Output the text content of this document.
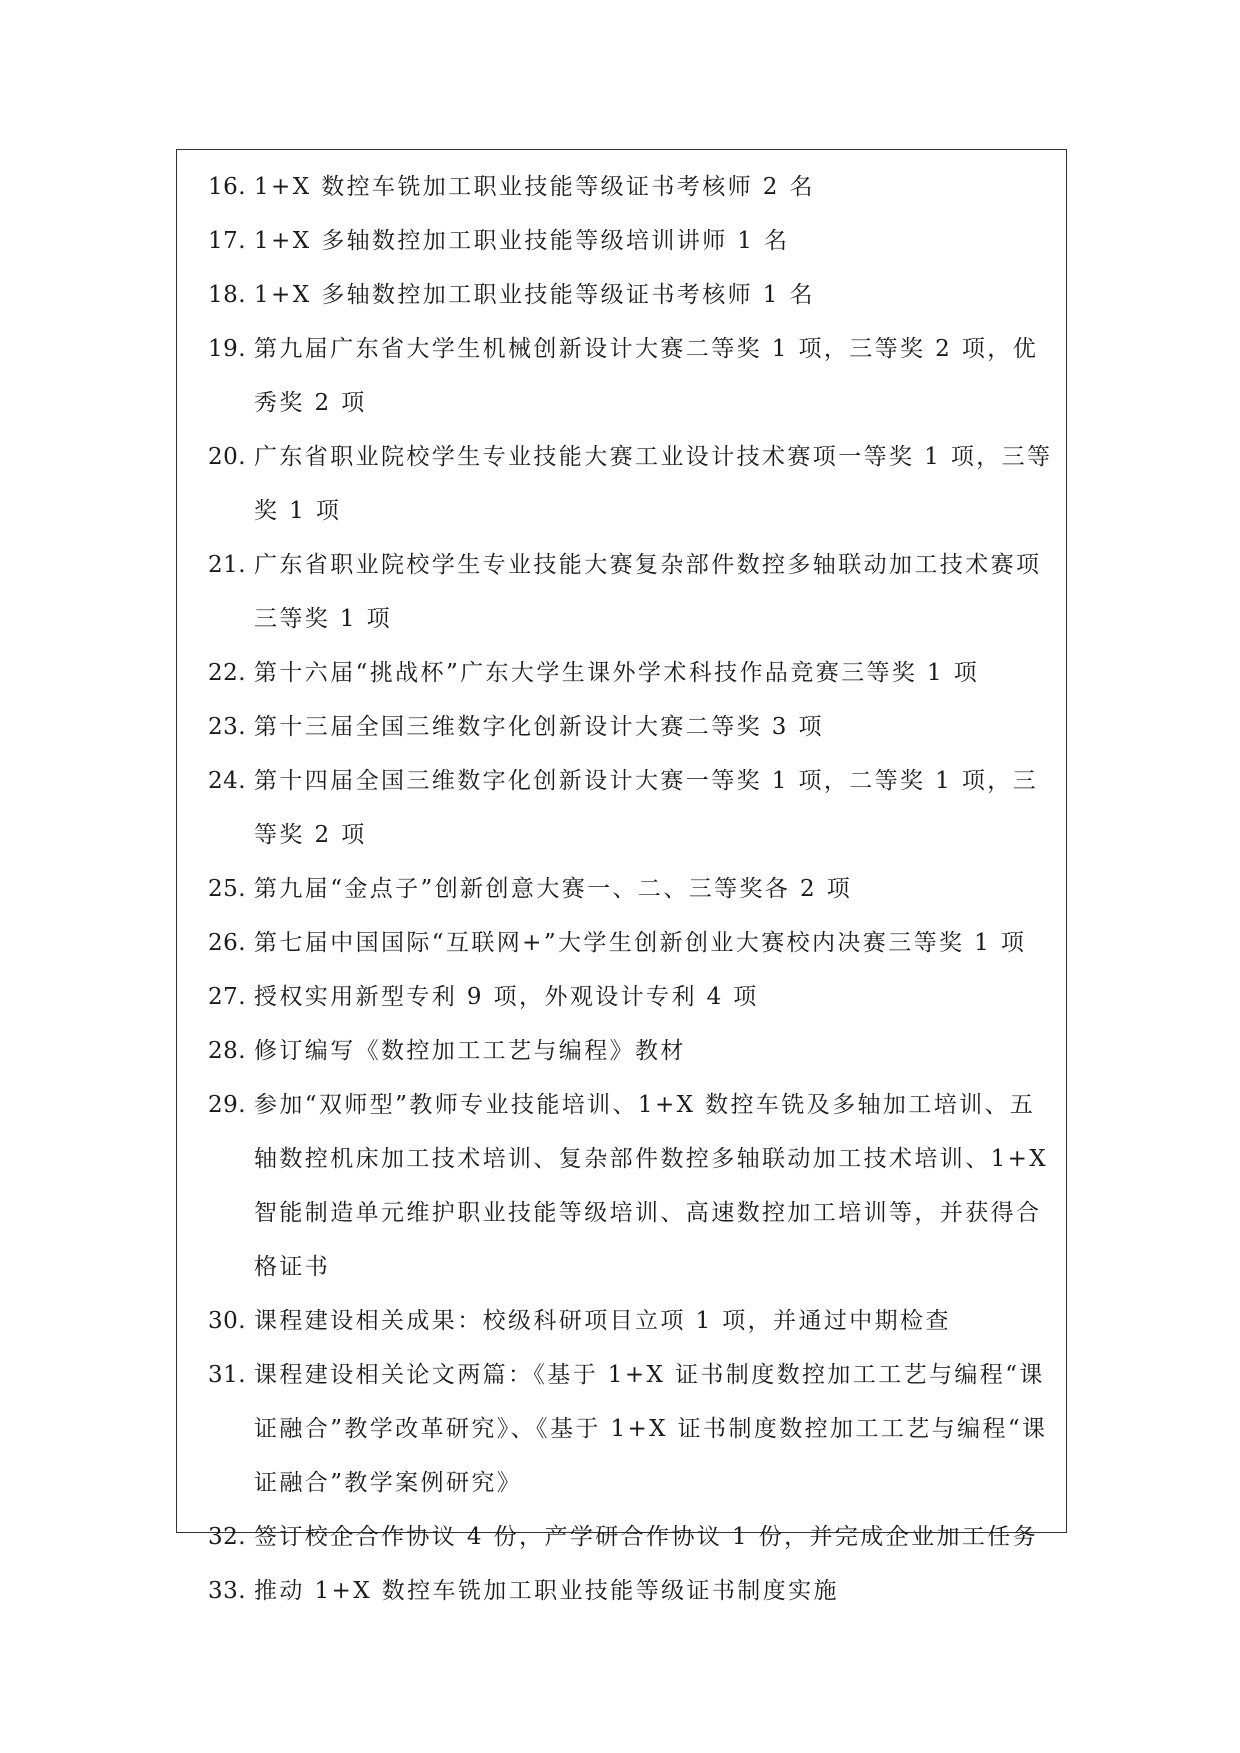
16. 1+X 数控车铣加工职业技能等级证书考核师 2 名
17. 1+X 多轴数控加工职业技能等级培训讲师 1 名
18. 1+X 多轴数控加工职业技能等级证书考核师 1 名
19. 第九届广东省大学生机械创新设计大赛二等奖 1 项，三等奖 2 项，优秀奖 2 项
20. 广东省职业院校学生专业技能大赛工业设计技术赛项一等奖 1 项，三等奖 1 项
21. 广东省职业院校学生专业技能大赛复杂部件数控多轴联动加工技术赛项三等奖 1 项
22. 第十六届“挑战杯”广东大学生课外学术科技作品竞赛三等奖 1 项
23. 第十三届全国三维数字化创新设计大赛二等奖 3 项
24. 第十四届全国三维数字化创新设计大赛一等奖 1 项，二等奖 1 项，三等奖 2 项
25. 第九届“金点子”创新创意大赛一、二、三等奖各 2 项
26. 第七届中国国际“互联网+”大学生创新创业大赛校内决赛三等奖 1 项
27. 授权实用新型专利 9 项，外观设计专利 4 项
28. 修订编写《数控加工工艺与编程》教材
29. 参加“双师型”教师专业技能培训、1+X 数控车铣及多轴加工培训、五轴数控机床加工技术培训、复杂部件数控多轴联动加工技术培训、1+X 智能制造单元维护职业技能等级培训、高速数控加工培训等，并获得合格证书
30. 课程建设相关成果：校级科研项目立项 1 项，并通过中期检查
31. 课程建设相关论文两篇：《基于 1+X 证书制度数控加工工艺与编程“课证融合”教学改革研究》、《基于 1+X 证书制度数控加工工艺与编程“课证融合”教学案例研究》
32. 签订校企合作协议 4 份，产学研合作协议 1 份，并完成企业加工任务
33. 推动 1+X 数控车铣加工职业技能等级证书制度实施
